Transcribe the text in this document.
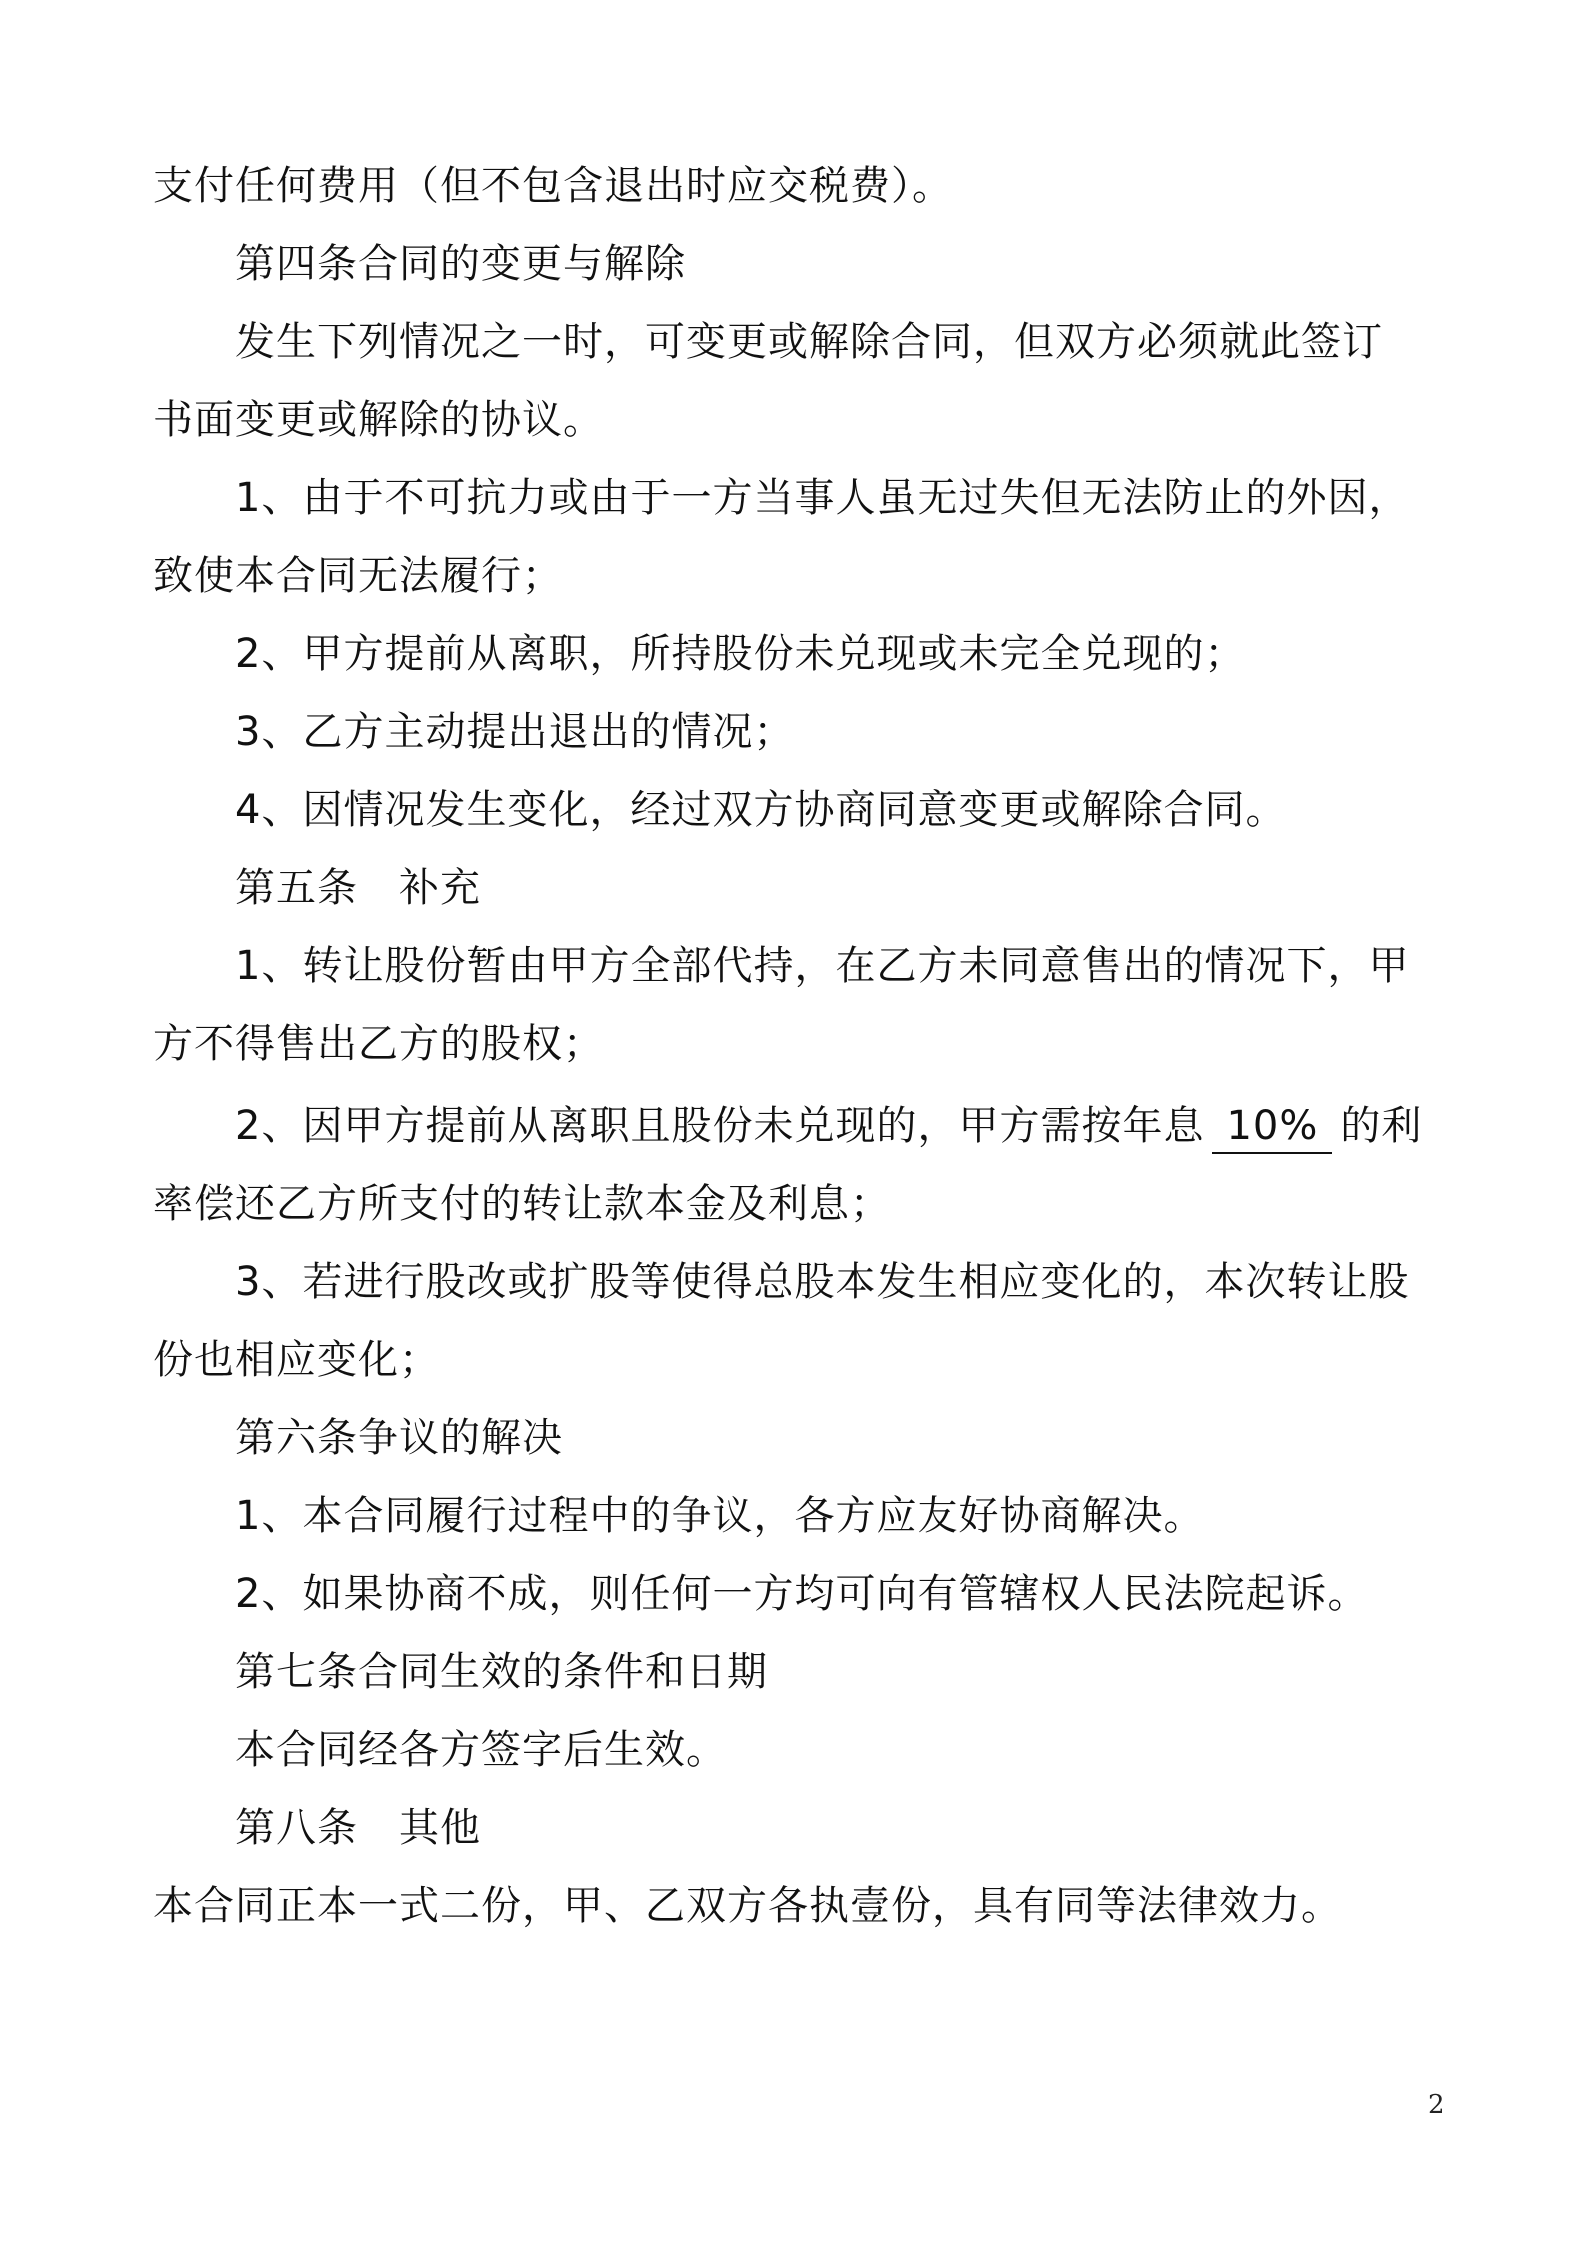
支付任何费用（但不包含退出时应交税费）。
第四条合同的变更与解除
发生下列情况之一时，可变更或解除合同，但双方必须就此签订
书面变更或解除的协议。
1、由于不可抗力或由于一方当事人虽无过失但无法防止的外因，
致使本合同无法履行；
2、甲方提前从离职，所持股份未兑现或未完全兑现的；
3、乙方主动提出退出的情况；
4、因情况发生变化，经过双方协商同意变更或解除合同。
第五条　补充
1、转让股份暂由甲方全部代持，在乙方未同意售出的情况下，甲
方不得售出乙方的股权；
2、因甲方提前从离职且股份未兑现的，甲方需按年息 10% 的利
率偿还乙方所支付的转让款本金及利息；
3、若进行股改或扩股等使得总股本发生相应变化的，本次转让股
份也相应变化；
第六条争议的解决
1、本合同履行过程中的争议，各方应友好协商解决。
2、如果协商不成，则任何一方均可向有管辖权人民法院起诉。
第七条合同生效的条件和日期
本合同经各方签字后生效。
第八条　其他
本合同正本一式二份，甲、乙双方各执壹份，具有同等法律效力。
2
